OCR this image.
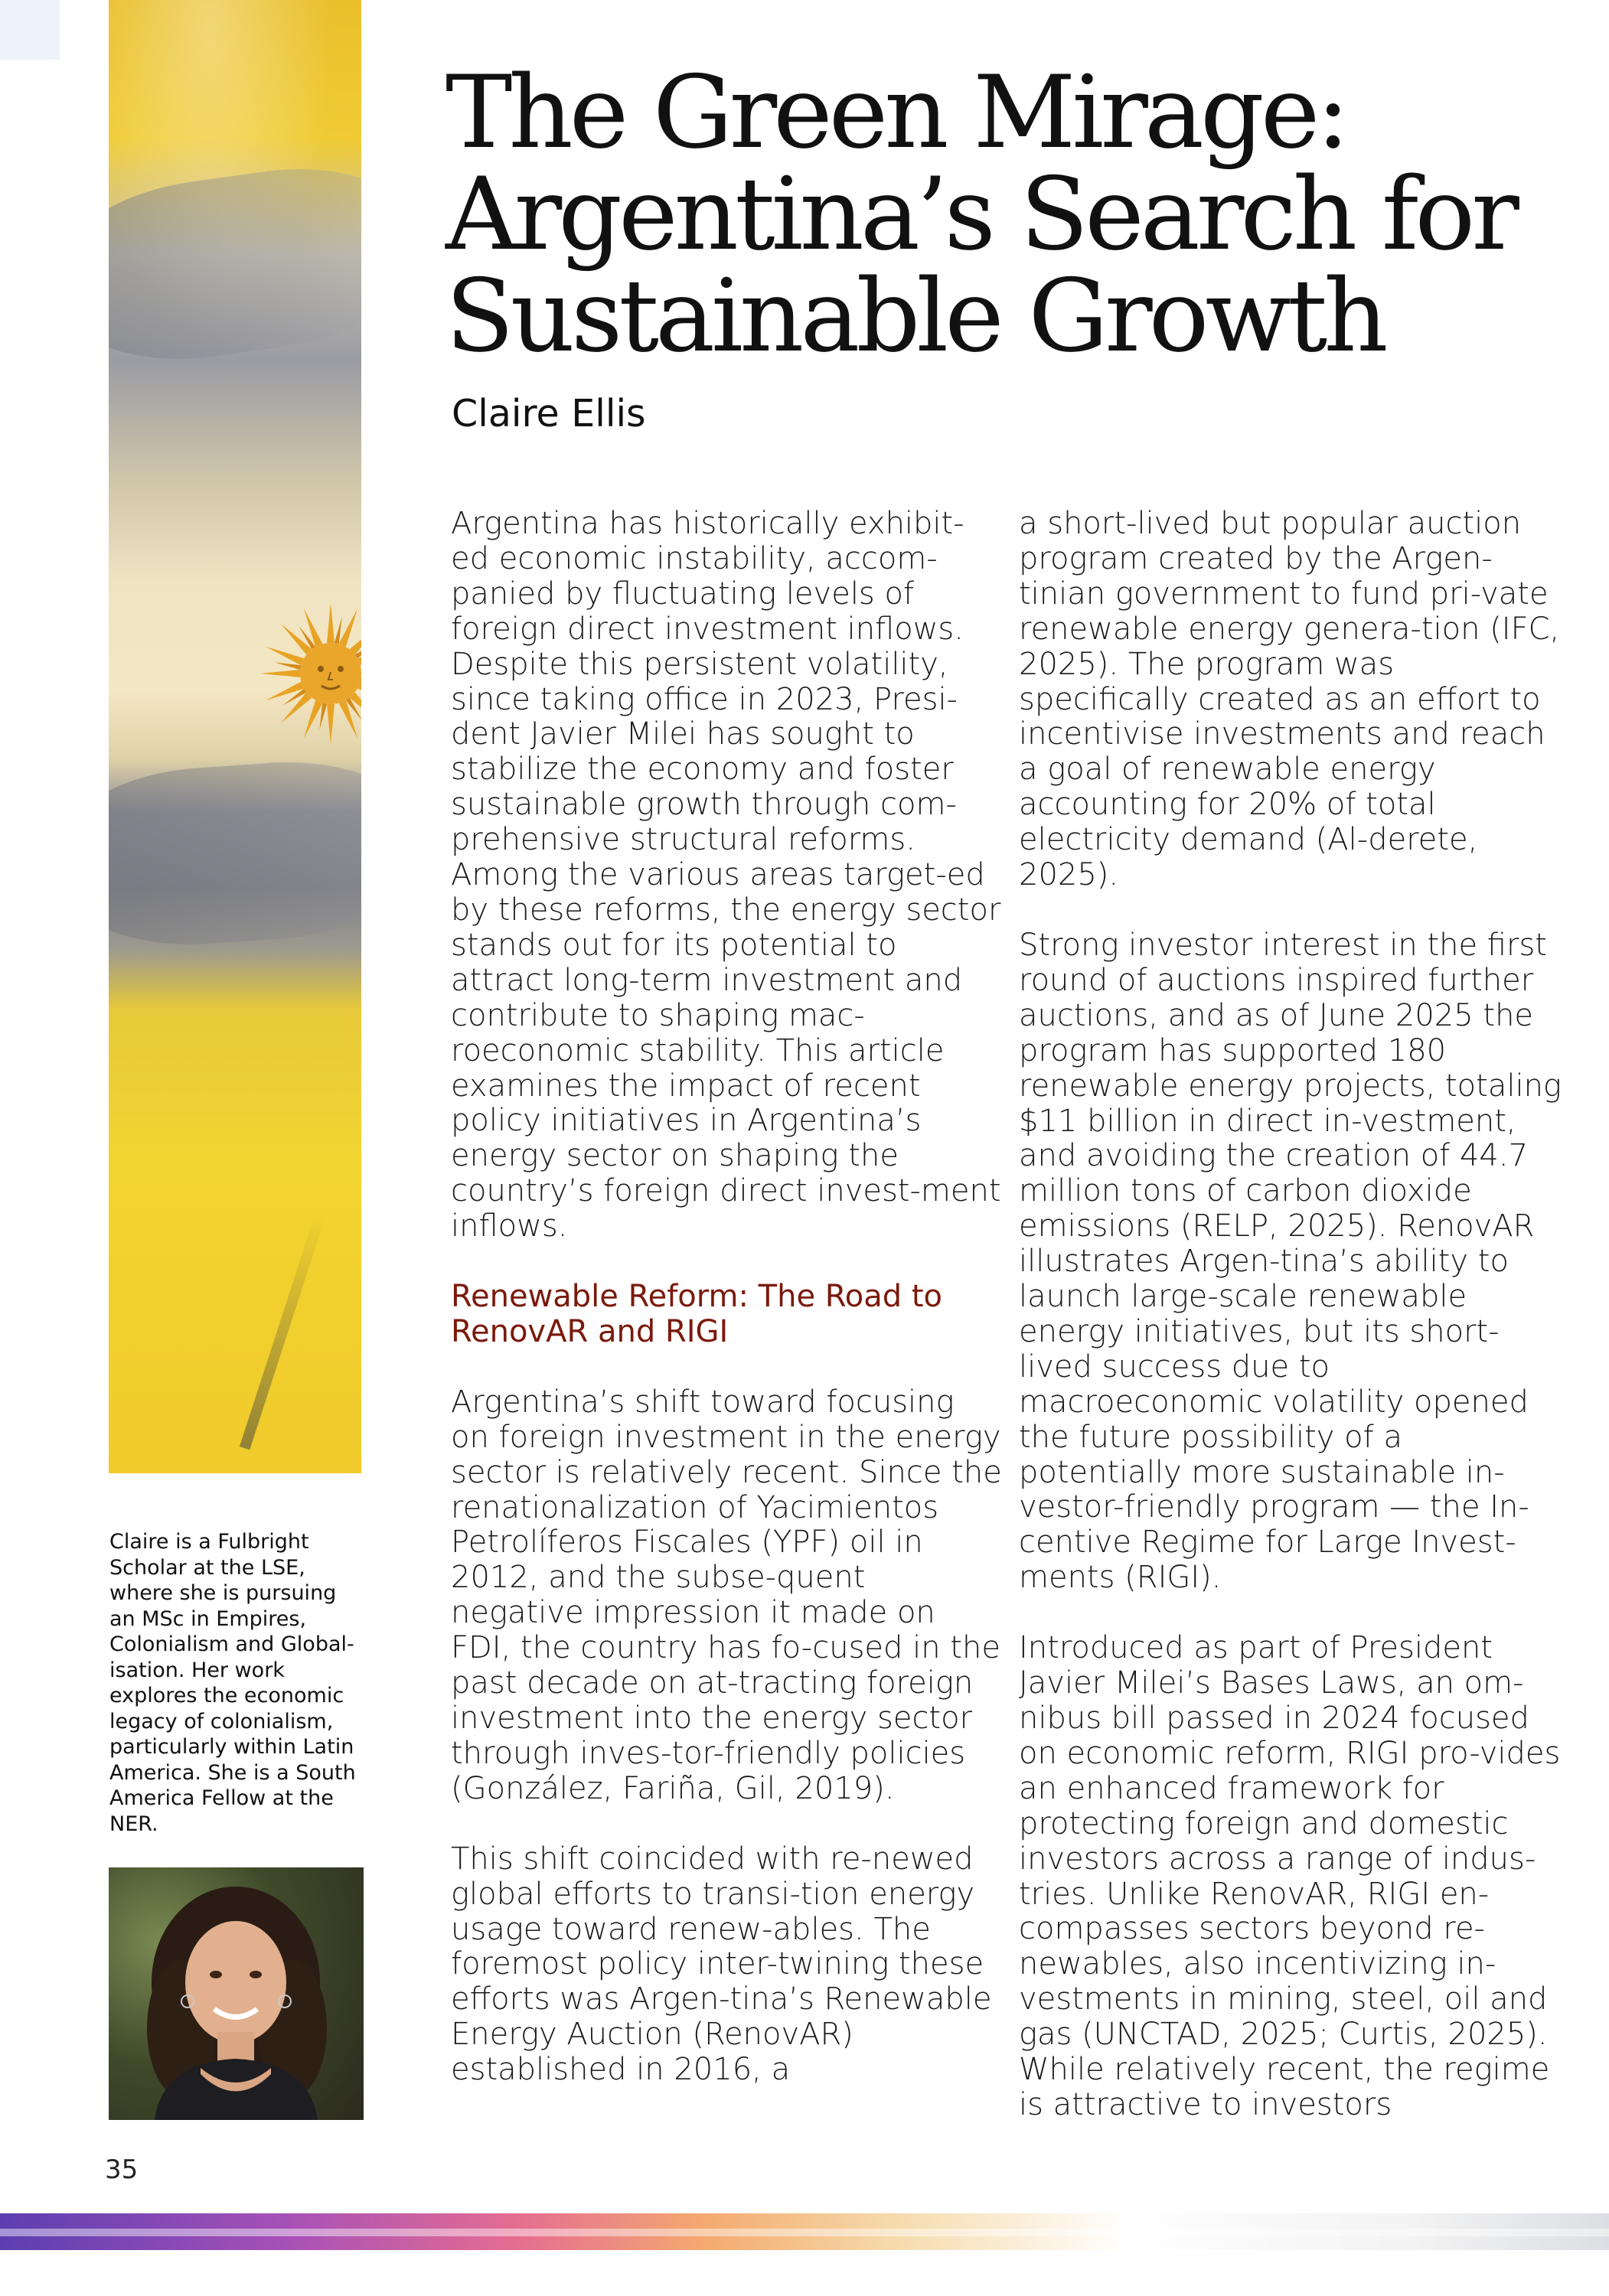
Claire is a Fulbright Scholar at the LSE, where she is pursuing an MSc in Empires, Colonialism and Global-isation. Her work explores the economic legacy of colonialism, particularly within Latin America. She is a South America Fellow at the NER.
35
The Green Mirage:
Argentina’s Search for
Sustainable Growth
Claire Ellis

Argentina has historically exhibit-ed economic instability, accom-panied by fluctuating levels of foreign direct investment inflows. Despite this persistent volatility, since taking office in 2023, Presi-dent Javier Milei has sought to stabilize the economy and foster sustainable growth through com-prehensive structural reforms. Among the various areas target-ed by these reforms, the energy sector stands out for its potential to attract long-term investment and contribute to shaping mac-roeconomic stability. This article examines the impact of recent policy initiatives in Argentina’s energy sector on shaping the country’s foreign direct invest-ment inflows.

Renewable Reform: The Road to RenovAR and RIGI

Argentina’s shift toward focusing on foreign investment in the energy sector is relatively recent. Since the renationalization of Yacimientos Petrolíferos Fiscales (YPF) oil in 2012, and the subse-quent negative impression it made on FDI, the country has fo-cused in the past decade on at-tracting foreign investment into the energy sector through inves-tor-friendly policies (González, Fariña, Gil, 2019).

This shift coincided with re-newed global efforts to transi-tion energy usage toward renew-ables. The foremost policy inter-twining these efforts was Argen-tina’s Renewable Energy Auction (RenovAR) established in 2016, a

a short-lived but popular auction program created by the Argen-tinian government to fund pri-vate renewable energy genera-tion (IFC, 2025). The program was specifically created as an effort to incentivise investments and reach a goal of renewable energy accounting for 20% of total electricity demand (Al-derete, 2025).

Strong investor interest in the first round of auctions inspired further auctions, and as of June 2025 the program has supported 180 renewable energy projects, totaling $11 billion in direct in-vestment, and avoiding the creation of 44.7 million tons of carbon dioxide emissions (RELP, 2025). RenovAR illustrates Argen-tina’s ability to launch large-scale renewable energy initiatives, but its short-lived success due to macroeconomic volatility opened the future possibility of a potentially more sustainable in-vestor-friendly program — the In-centive Regime for Large Invest-ments (RIGI).

Introduced as part of President Javier Milei’s Bases Laws, an om-nibus bill passed in 2024 focused on economic reform, RIGI pro-vides an enhanced framework for protecting foreign and domestic investors across a range of indus-tries. Unlike RenovAR, RIGI en-compasses sectors beyond re-newables, also incentivizing in-vestments in mining, steel, oil and gas (UNCTAD, 2025; Curtis, 2025). While relatively recent, the regime is attractive to investors
